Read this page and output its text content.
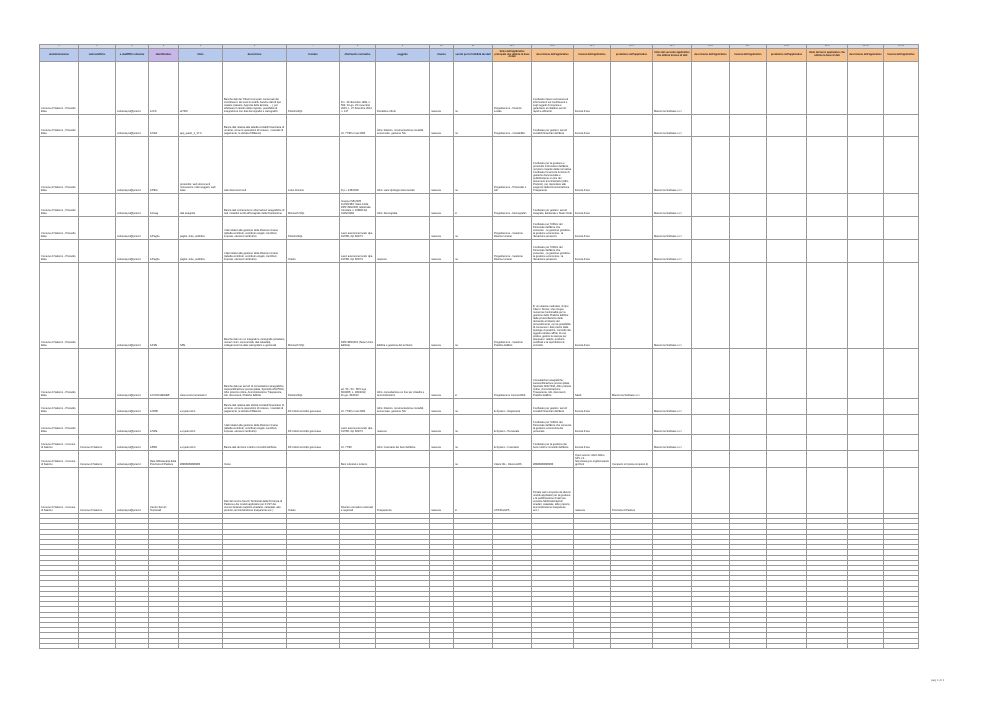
1	2	3	4	5	6	7	8	9	10	11	12.1	12.2	12.3	12.4	12.5	12.6	12.7	12.8	12.9	12.10	12.11
amministrazione	settore/ufficio	e-mail/PEC referente	identificativo	titolo	descrizione	formato	riferimento normativo	soggetto	licenza	servizi per la fruibilità dei dati	titolo dell'applicativo principale che utilizza la base di dati	descrizione dell'applicativo	licenza dell'applicativo	produttore dell'applicativo	titolo del secondo applicativo che utilizza la base di dati	descrizione dell'applicativo	licenza dell'applicativo	produttore dell'applicativo	titolo del terzo applicativo che utilizza la base di dati	descrizione dell'applicativo	licenza dell'applicativo
Comune di Salorno - Piccardo Elisa		cultureta.pd@pcert.it	1/ICS	arTRO	Banche dati dei Tributi Comunali: conservati dei contribuenti, dei suoli immobili, banche dati di tipo catasto (catasto, Agenzia delle Entrate, ...), per effettuare il calcolo delle imposte, possibilità di integrazione con dati demografici e cartografici	PostGreSQL	D.L. 30 dicembre 1992, n. 504; D.Lgs. 23 novembre 2001; L. 27 dicembre 2013, n. 147	Fiscalità e tributi	nessuna	no	Progettiemme - Finanze Locale	Il software rileva una banca ed informazioni sui contribuenti e sugli oggetti di imposta e garantisce al cittadino servizi rapidi e efficienti	licenza d'uso		Maremma Software s.r.l.						
Comune di Salorno - Piccardo Elisa		cultureta.pd@pcert.it	1/CEF	app_paulo_1_17.3	Banca dati relativa alla tabella contabili finanziaria di un Ente, come le operazioni di incasso, i mandati di pagamento, le attività di Bilancio		LV. 77/95 e tuel 2000	Altro: bilancio, movimentazione contabili, economato, gestione IVA	nessuna	no	Progettiemme - Contabilità	Il software per gestire i servizi contabili finanziari dell'Ente	licenza d'uso		Maremma Software s.r.l.						
Comune di Salorno - Piccardo Elisa		cultureta.pd@pcert.it	1/PEG	protocollo: web documenti, riconoscere i dati soggetti, web base	web documenti sull	Lotus Domino	D.p.r. 445/2000	Altro: varie tipologie documentali	nessuna	no	Progettiemme - Protocollo e Atti	Il software per la gestione e protocollo informatico dell'Ente, nel pieno rispetto della normativa. Il software ha ancora funzioni di gestione documentale e pubblicazione on line dei documenti amministrativi (Albo Pretorio), per rispondere alle esigenze della Amministrazione Trasparente	licenza d'uso		Maremma Software s.r.l.						
Comune di Salorno - Piccardo Elisa		cultureta.pd@pcert.it	1/Anag	dati anagrafe	Banca dati contenente le informazioni anagrafiche di tutti i cittadini iscritti all'Anagrafe della Popolazione	Microsoft SQL	Gruppo ISB 2005 11/22/1983; Stato Civile DPR 396/2000; Elettorale: Circolare n. 1998/0 del 01/02/1984	Altro: Demografia	nessuna	si	Progettiemme - Demografici	Il software per gestire i servizi Anagrafe, Elettorale e Stato Civile	licenza d'uso		Maremma Software s.r.l.						
Comune di Salorno - Piccardo Elisa		cultureta.pd@pcert.it	1/Paghe	paghe, ferie, pubblico	I dati relativi alla gestione delle Risorse Umane (tabella contributi, contributi erogati, contributi, imposte, elementi retributivi)	PostGreSQL	Lavvi autonomie locali; dpa 917/86; dpr 600/73		nessuna	no	Progettiemme - Gestione Risorse Umane	Il software per l'Ufficio del Personale dell'Ente che consente: - la gestione giuridica - la gestione economica - la rilevazione presenze	licenza d'uso		Maremma Software s.r.l.						
Comune di Salorno - Piccardo Elisa		cultureta.pd@pcert.it	1/Paghe	paghe, ferie, pubblico	I dati relativi alla gestione delle Risorse Umane (tabella contributi, contributi erogati, contributi, imposte, elementi retributivi)	Oracle	Lavvi autonomie locali; dpa 917/86; dpr 600/73	nessuno	nessuna	no	Progettiemme - Gestione Risorse Umane	Il software per l'Ufficio del Personale dell'Ente che consente: - la gestione giuridica - la gestione economica - la rilevazione presenze	licenza d'uso		Maremma Software s.r.l.						
Comune di Salorno - Piccardo Elisa		cultureta.pd@pcert.it	1/FPE	SPE	Banche dati con un integrale le cartografie (stradario, numeri civici, commerciali, dati catastali), collegamenti tra dato cartografico e gestionali	Microsoft SQL	DPR 380/2001 (Testo Unico Edilizia)	Edilizia e gestione del territorio	nessuna	no	Progettiemme - Gestione Pratiche Edilizie	E' un sistema modulare, di tipo Client / Server, che integra numerose funzionalità per la gestione delle Pratiche Edilizie: dalla protocollazione delle domande al rilascio del provvedimento, con la possibilità di conoscere i dati precisi dalle tipologie di pratiche, controllo dei oggetto relativo all'iter di una pratica, gestire la stampa per stampare i relativi, produrre certificati e la reportistica di controllo	licenza d'uso		Maremma Software s.r.l.						
Comune di Salorno - Piccardo Elisa		cultureta.pd@pcert.it	1/CONCHEWEB	www.concurrenteweb.it	Banche dati per servizi di Consultazioni anagrafiche, Autocertificazione precompilata, Sportello ANUTDIA, Albo pretorio online, Amministrazione Trasparente, Atti, documenti, Pratiche Edilizie	PostGreSQL	art. 50 - 53 - 58 D.Lgs 82/2005; L. 190/2012; D.Lgs. 33/2013	Altro: consultazione on line per cittadini e amministrazioni	nessuna	si	Progettiemme ConcurrWeb	Consultazioni anagrafiche, Autocertificazione precompilata, Sportello ANUTDIA, Albo pretorio online, Amministrazione Trasparente, Atti, documenti, Pratiche Edilizie	SaaS	Maremma Software s.r.l.							
Comune di Salorno - Piccardo Elisa		cultureta.pd@pcert.it	1/ORB	e-system14.1	Banca dati relativa alle attività contabili finanziarie di un Ente, come le operazioni di incasso, i mandati di pagamento, le attività di Bilancio	Db Cobol ad indici genovese	LV. 77/95 e tuel 2000	Altro: bilancio, movimentazione contabili, economato, gestione IVA	nessuna	no	E-System - Ragioneria	Il software per gestire i servizi contabili finanziari dell'Ente	licenza d'uso		Maremma Software s.r.l.						
Comune di Salorno - Piccardo Elisa		cultureta.pd@pcert.it	1/SPE	e-system14.1	I dati relativi alla gestione delle Risorse Umane (tabella contributi, contributi erogati, contributi, imposte, elementi retributivi)	Db Cobol ad indici genovese	Lavvi autonomie locali; dpa 917/86; dpr 600/73	nessuno	nessuna	no	E-System - Personale	Il software per l'Ufficio del Personale dell'Ente che consente la gestione economica del personale	licenza d'uso		Maremma Software s.r.l.						
Comune di Salorno - Comune di Salorno	Comune di Salorno	cultureta.pd@pcert.it	1/BPA	e-system14.2	Banca dati dei beni mobili e immobili dell'Ente	Db Cobol ad indici genovese	LV. 77/95	Altro: inventario dei beni dell'Ente	nessuna	no	E-System - Inventario	Il software per la gestione dei beni mobili e immobili dell'Ente	licenza d'uso		Maremma Software s.r.l.						
Comune di Salorno - Comune di Salorno	Comune di Salorno	cultureta.pd@pcert.it	Rete bibliotecaria della Provincia di Padova	##############	Vuoto		Beni culturali e turismo			no	Clavis NG - Disnovo/RS	##############	Open source: GNU Affero GPL v.3 - http://www.gnu.org/licenses/agpl.html	Comperio srl (www.comperio.it)							
Comune di Salorno - Comune di Salorno	Comune di Salorno	cultureta.pd@pcert.it	Centro Servizi Territoriali		Dati del Centro Servizi Territoriali della Provincia di Padova e dei moduli applicativi per il CST dei comuni federati (capitolo stradario, catastale, atto pretorio, amministrazione trasparente ecc.)	Oracle	Diverse normative nazionali e regionali	Trasparenza	nessuna	si	CST/PraGPS	Portale web composto da diversi moduli applicativi per la gestione e la pubblicazione di dati (es. consiste fabbricati/capitoli stradari, catastale, albo pretorio, amministrazione trasparente ecc.)	nessuna	Provincia di Padova							

pag 1 di 1
